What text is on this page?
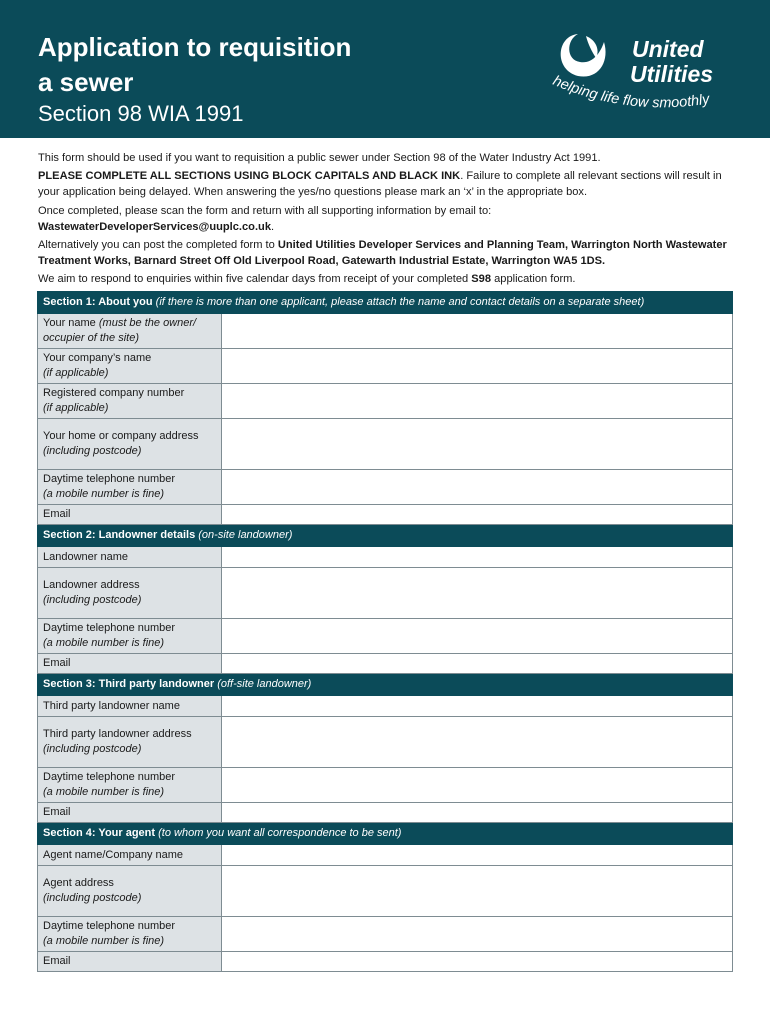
Application to requisition
a sewer
Section 98 WIA 1991
United
Utilities
helping life flow smoothly

This form should be used if you want to requisition a public sewer under Section 98 of the Water Industry Act 1991.

PLEASE COMPLETE ALL SECTIONS USING BLOCK CAPITALS AND BLACK INK. Failure to complete all relevant sections will result in your application being delayed. When answering the yes/no questions please mark an ‘x’ in the appropriate box.

Once completed, please scan the form and return with all supporting information by email to:
WastewaterDeveloperServices@uuplc.co.uk.

Alternatively you can post the completed form to United Utilities Developer Services and Planning Team, Warrington North Wastewater Treatment Works, Barnard Street Off Old Liverpool Road, Gatewarth Industrial Estate, Warrington WA5 1DS.

We aim to respond to enquiries within five calendar days from receipt of your completed S98 application form.

Section 1: About you (if there is more than one applicant, please attach the name and contact details on a separate sheet)	
Your name (must be the owner/ occupier of the site)	
Your company’s name
(if applicable)	
Registered company number
(if applicable)	
Your home or company address
(including postcode)	
Daytime telephone number
(a mobile number is fine)	
Email	
Section 2: Landowner details (on-site landowner)	
Landowner name	
Landowner address
(including postcode)	
Daytime telephone number
(a mobile number is fine)	
Email	
Section 3: Third party landowner (off-site landowner)	
Third party landowner name	
Third party landowner address
(including postcode)	
Daytime telephone number
(a mobile number is fine)	
Email	
Section 4: Your agent (to whom you want all correspondence to be sent)	
Agent name/Company name	
Agent address
(including postcode)	
Daytime telephone number
(a mobile number is fine)	
Email	
